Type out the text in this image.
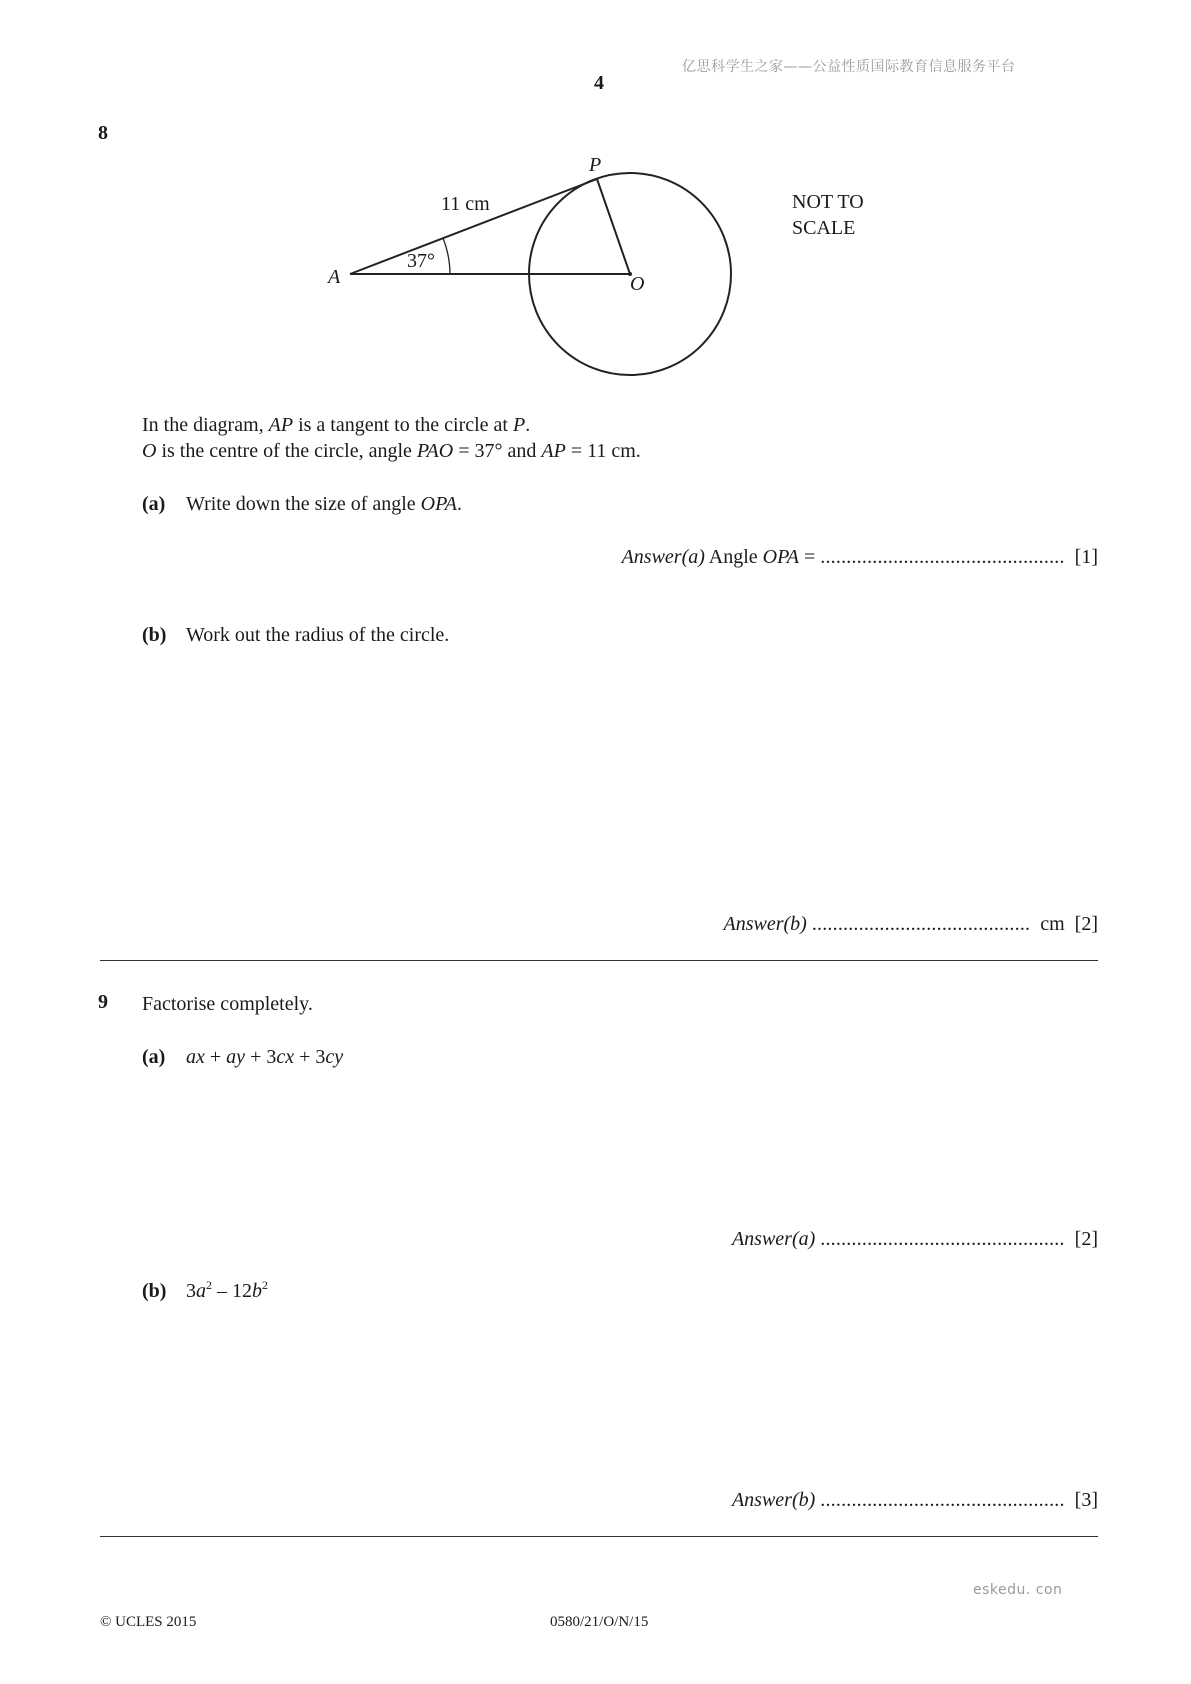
亿思科学生之家——公益性质国际教育信息服务平台
4
8
P
11 cm
37°
A	O
NOT TO
SCALE
In the diagram, AP is a tangent to the circle at P.
O is the centre of the circle, angle PAO = 37° and AP = 11 cm.
(a) Write down the size of angle OPA.
Answer(a) Angle OPA = ............................................... [1]
(b) Work out the radius of the circle.
Answer(b) .......................................... cm [2]
9 Factorise completely.
(a) ax + ay + 3cx + 3cy
Answer(a) ............................................... [2]
(b) $3a^2 - 12b^2$
Answer(b) ............................................... [3]
eskedu. con
© UCLES 2015	0580/21/O/N/15
